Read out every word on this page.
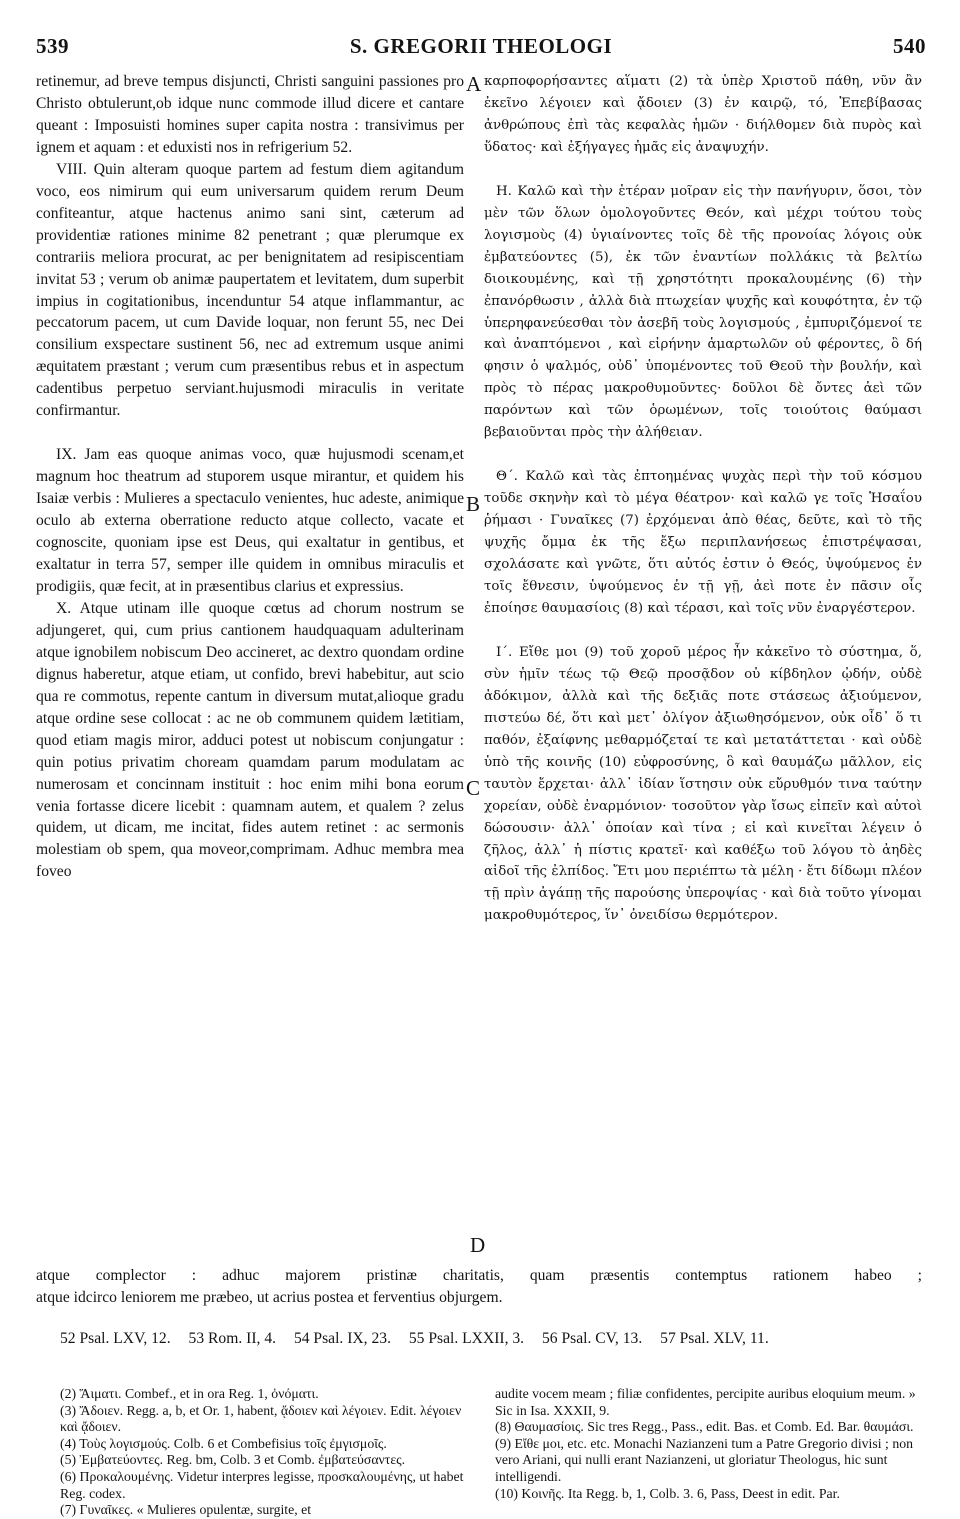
539	S. GREGORII THEOLOGI	540

retinemur, ad breve tempus disjuncti, Christi sanguini passiones pro Christo obtulerunt,ob idque nunc commode illud dicere et cantare queant : Imposuisti homines super capita nostra : transivimus per ignem et aquam : et eduxisti nos in refrigerium 52.

VIII. Quin alteram quoque partem ad festum diem agitandum voco, eos nimirum qui eum universarum quidem rerum Deum confiteantur, atque hactenus animo sani sint, cæterum ad providentiæ rationes minime 82 penetrant ; quæ plerumque ex contrariis meliora procurat, ac per benignitatem ad resipiscentiam invitat 53 ; verum ob animæ paupertatem et levitatem, dum superbit impius in cogitationibus, incenduntur 54 atque inflammantur, ac peccatorum pacem, ut cum Davide loquar, non ferunt 55, nec Dei consilium exspectare sustinent 56, nec ad extremum usque animi æquitatem præstant ; verum cum præsentibus rebus et in aspectum cadentibus perpetuo serviant.hujusmodi miraculis in veritate confirmantur.

IX. Jam eas quoque animas voco, quæ hujusmodi scenam,et magnum hoc theatrum ad stuporem usque mirantur, et quidem his Isaiæ verbis : Mulieres a spectaculo venientes, huc adeste, animique oculo ab externa oberratione reducto atque collecto, vacate et cognoscite, quoniam ipse est Deus, qui exaltatur in gentibus, et exaltatur in terra 57, semper ille quidem in omnibus miraculis et prodigiis, quæ fecit, at in præsentibus clarius et expressius.

X. Atque utinam ille quoque cœtus ad chorum nostrum se adjungeret, qui, cum prius cantionem haudquaquam adulterinam atque ignobilem nobiscum Deo accineret, ac dextro quondam ordine dignus haberetur, atque etiam, ut confido, brevi habebitur, aut scio qua re commotus, repente cantum in diversum mutat,alioque gradu atque ordine sese collocat : ac ne ob communem quidem lætitiam, quod etiam magis miror, adduci potest ut nobiscum conjungatur : quin potius privatim choream quamdam parum modulatam ac numerosam et concinnam instituit : hoc enim mihi bona eorum venia fortasse dicere licebit : quamnam autem, et qualem ? zelus quidem, ut dicam, me incitat, fides autem retinet : ac sermonis molestiam ob spem, qua moveor,comprimam. Adhuc membra mea foveo

καρποφορήσαντες αἵματι (2) τὰ ὑπὲρ Χριστοῦ πάθη, νῦν ἂν ἐκεῖνο λέγοιεν καὶ ᾄδοιεν (3) ἐν καιρῷ, τό, Ἐπεβίβασας ἀνθρώπους ἐπὶ τὰς κεφαλὰς ἡμῶν · διήλθομεν διὰ πυρὸς καὶ ὕδατος· καὶ ἐξήγαγες ἡμᾶς εἰς ἀναψυχήν.

Η. Καλῶ καὶ τὴν ἑτέραν μοῖραν εἰς τὴν πανήγυριν, ὅσοι, τὸν μὲν τῶν ὅλων ὁμολογοῦντες Θεόν, καὶ μέχρι τούτου τοὺς λογισμοὺς (4) ὑγιαίνοντες τοῖς δὲ τῆς προνοίας λόγοις οὐκ ἐμβατεύοντες (5), ἐκ τῶν ἐναντίων πολλάκις τὰ βελτίω διοικουμένης, καὶ τῇ χρηστότητι προκαλουμένης (6) τὴν ἐπανόρθωσιν , ἀλλὰ διὰ πτωχείαν ψυχῆς καὶ κουφότητα, ἐν τῷ ὑπερηφανεύεσθαι τὸν ἀσεβῆ τοὺς λογισμούς , ἐμπυριζόμενοί τε καὶ ἀναπτόμενοι , καὶ εἰρήνην ἁμαρτωλῶν οὐ φέροντες, ὃ δή φησιν ὁ ψαλμός, οὐδ᾽ ὑπομένοντες τοῦ Θεοῦ τὴν βουλήν, καὶ πρὸς τὸ πέρας μακροθυμοῦντες· δοῦλοι δὲ ὄντες ἀεὶ τῶν παρόντων καὶ τῶν ὁρωμένων, τοῖς τοιούτοις θαύμασι βεβαιοῦνται πρὸς τὴν ἀλήθειαν.

Θ΄. Καλῶ καὶ τὰς ἐπτοημένας ψυχὰς περὶ τὴν τοῦ κόσμου τοῦδε σκηνὴν καὶ τὸ μέγα θέατρον· καὶ καλῶ γε τοῖς Ἡσαΐου ῥήμασι · Γυναῖκες (7) ἐρχόμεναι ἀπὸ θέας, δεῦτε, καὶ τὸ τῆς ψυχῆς ὄμμα ἐκ τῆς ἔξω περιπλανήσεως ἐπιστρέψασαι, σχολάσατε καὶ γνῶτε, ὅτι αὐτός ἐστιν ὁ Θεός, ὑψούμενος ἐν τοῖς ἔθνεσιν, ὑψούμενος ἐν τῇ γῇ, ἀεὶ ποτε ἐν πᾶσιν οἷς ἐποίησε θαυμασίοις (8) καὶ τέρασι, καὶ τοῖς νῦν ἐναργέστερον.

Ι΄. Εἴθε μοι (9) τοῦ χοροῦ μέρος ἦν κἀκεῖνο τὸ σύστημα, ὅ, σὺν ἡμῖν τέως τῷ Θεῷ προσᾷδον οὐ κίβδηλον ᾠδήν, οὐδὲ ἀδόκιμον, ἀλλὰ καὶ τῆς δεξιᾶς ποτε στάσεως ἀξιούμενον, πιστεύω δέ, ὅτι καὶ μετ᾽ ὀλίγον ἀξιωθησόμενον, οὐκ οἶδ᾽ ὅ τι παθόν, ἐξαίφνης μεθαρμόζεταί τε καὶ μετατάττεται · καὶ οὐδὲ ὑπὸ τῆς κοινῆς (10) εὐφροσύνης, ὃ καὶ θαυμάζω μᾶλλον, εἰς ταυτὸν ἔρχεται· ἀλλ᾽ ἰδίαν ἵστησιν οὐκ εὔρυθμόν τινα ταύτην χορείαν, οὐδὲ ἐναρμόνιον· τοσοῦτον γὰρ ἴσως εἰπεῖν καὶ αὐτοὶ δώσουσιν· ἀλλ᾽ ὁποίαν καὶ τίνα ; εἰ καὶ κινεῖται λέγειν ὁ ζῆλος, ἀλλ᾽ ἡ πίστις κρατεῖ· καὶ καθέξω τοῦ λόγου τὸ ἀηδὲς αἰδοῖ τῆς ἐλπίδος. Ἔτι μου περιέπτω τὰ μέλη · ἔτι δίδωμι πλέον τῇ πρὶν ἀγάπῃ τῆς παρούσης ὑπεροψίας · καὶ διὰ τοῦτο γίνομαι μακροθυμότερος, ἵν᾽ ὀνειδίσω θερμότερον.

A
B
C
D
atque complector : adhuc majorem pristinæ charitatis, quam præsentis contemptus rationem habeo ;
atque idcirco leniorem me præbeo, ut acrius postea et ferventius objurgem.
52 Psal. LXV, 12. 53 Rom. II, 4. 54 Psal. IX, 23. 55 Psal. LXXII, 3. 56 Psal. CV, 13. 57 Psal. XLV, 11.

(2) Ἅιματι. Combef., et in ora Reg. 1, ὀνόματι.

(3) Ἄδοιεν. Regg. a, b, et Or. 1, habent, ᾄδοιεν καὶ λέγοιεν. Edit. λέγοιεν καὶ ᾄδοιεν.

(4) Τοὺς λογισμούς. Colb. 6 et Combefisius τοῖς ἐμγισμοῖς.

(5) Ἐμβατεύοντες. Reg. bm, Colb. 3 et Comb. ἐμβατεύσαντες.

(6) Προκαλουμένης. Videtur interpres legisse, προσκαλουμένης, ut habet Reg. codex.

(7) Γυναῖκες. « Mulieres opulentæ, surgite, et

audite vocem meam ; filiæ confidentes, percipite auribus eloquium meum. » Sic in Isa. XXXII, 9.

(8) Θαυμασίοις. Sic tres Regg., Pass., edit. Bas. et Comb. Ed. Bar. θαυμάσι.

(9) Εἴθε μοι, etc. etc. Monachi Nazianzeni tum a Patre Gregorio divisi ; non vero Ariani, qui nulli erant Nazianzeni, ut gloriatur Theologus, hic sunt intelligendi.

(10) Κοινῆς. Ita Regg. b, 1, Colb. 3. 6, Pass, Deest in edit. Par.
